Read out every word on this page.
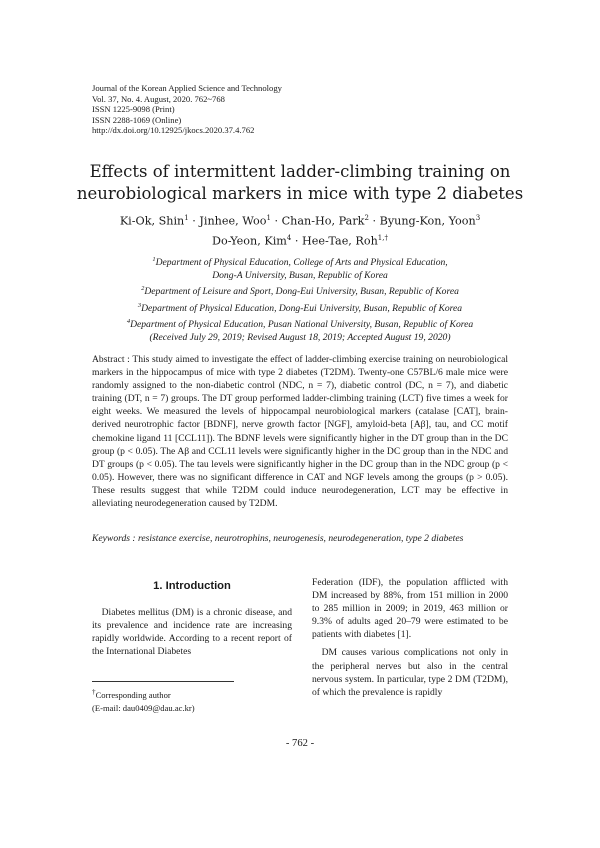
Journal of the Korean Applied Science and Technology
Vol. 37, No. 4. August, 2020. 762~768
ISSN 1225-9098 (Print)
ISSN 2288-1069 (Online)
http://dx.doi.org/10.12925/jkocs.2020.37.4.762
Effects of intermittent ladder-climbing training on
neurobiological markers in mice with type 2 diabetes
Ki-Ok, Shin$^1$ · Jinhee, Woo$^1$ · Chan-Ho, Park$^2$ · Byung-Kon, Yoon$^3$
Do-Yeon, Kim$^4$ · Hee-Tae, Roh$^{1,\dagger}$
$^1$Department of Physical Education, College of Arts and Physical Education,
Dong-A University, Busan, Republic of Korea
$^2$Department of Leisure and Sport, Dong-Eui University, Busan, Republic of Korea
$^3$Department of Physical Education, Dong-Eui University, Busan, Republic of Korea
$^4$Department of Physical Education, Pusan National University, Busan, Republic of Korea
(Received July 29, 2019; Revised August 18, 2019; Accepted August 19, 2020)
Abstract : This study aimed to investigate the effect of ladder-climbing exercise training on neurobiological markers in the hippocampus of mice with type 2 diabetes (T2DM). Twenty-one C57BL/6 male mice were randomly assigned to the non-diabetic control (NDC, n = 7), diabetic control (DC, n = 7), and diabetic training (DT, n = 7) groups. The DT group performed ladder-climbing training (LCT) five times a week for eight weeks. We measured the levels of hippocampal neurobiological markers (catalase [CAT], brain-derived neurotrophic factor [BDNF], nerve growth factor [NGF], amyloid-beta [Aβ], tau, and CC motif chemokine ligand 11 [CCL11]). The BDNF levels were significantly higher in the DT group than in the DC group (p < 0.05). The Aβ and CCL11 levels were significantly higher in the DC group than in the NDC and DT groups (p < 0.05). The tau levels were significantly higher in the DC group than in the NDC group (p < 0.05). However, there was no significant difference in CAT and NGF levels among the groups (p > 0.05). These results suggest that while T2DM could induce neurodegeneration, LCT may be effective in alleviating neurodegeneration caused by T2DM.
Keywords : resistance exercise, neurotrophins, neurogenesis, neurodegeneration, type 2 diabetes
1. Introduction

Diabetes mellitus (DM) is a chronic disease, and its prevalence and incidence rate are increasing rapidly worldwide. According to a recent report of the International Diabetes

Federation (IDF), the population afflicted with DM increased by 88%, from 151 million in 2000 to 285 million in 2009; in 2019, 463 million or 9.3% of adults aged 20–79 were estimated to be patients with diabetes [1].

DM causes various complications not only in the peripheral nerves but also in the central nervous system. In particular, type 2 DM (T2DM), of which the prevalence is rapidly

†Corresponding author
(E-mail: dau0409@dau.ac.kr)
- 762 -
